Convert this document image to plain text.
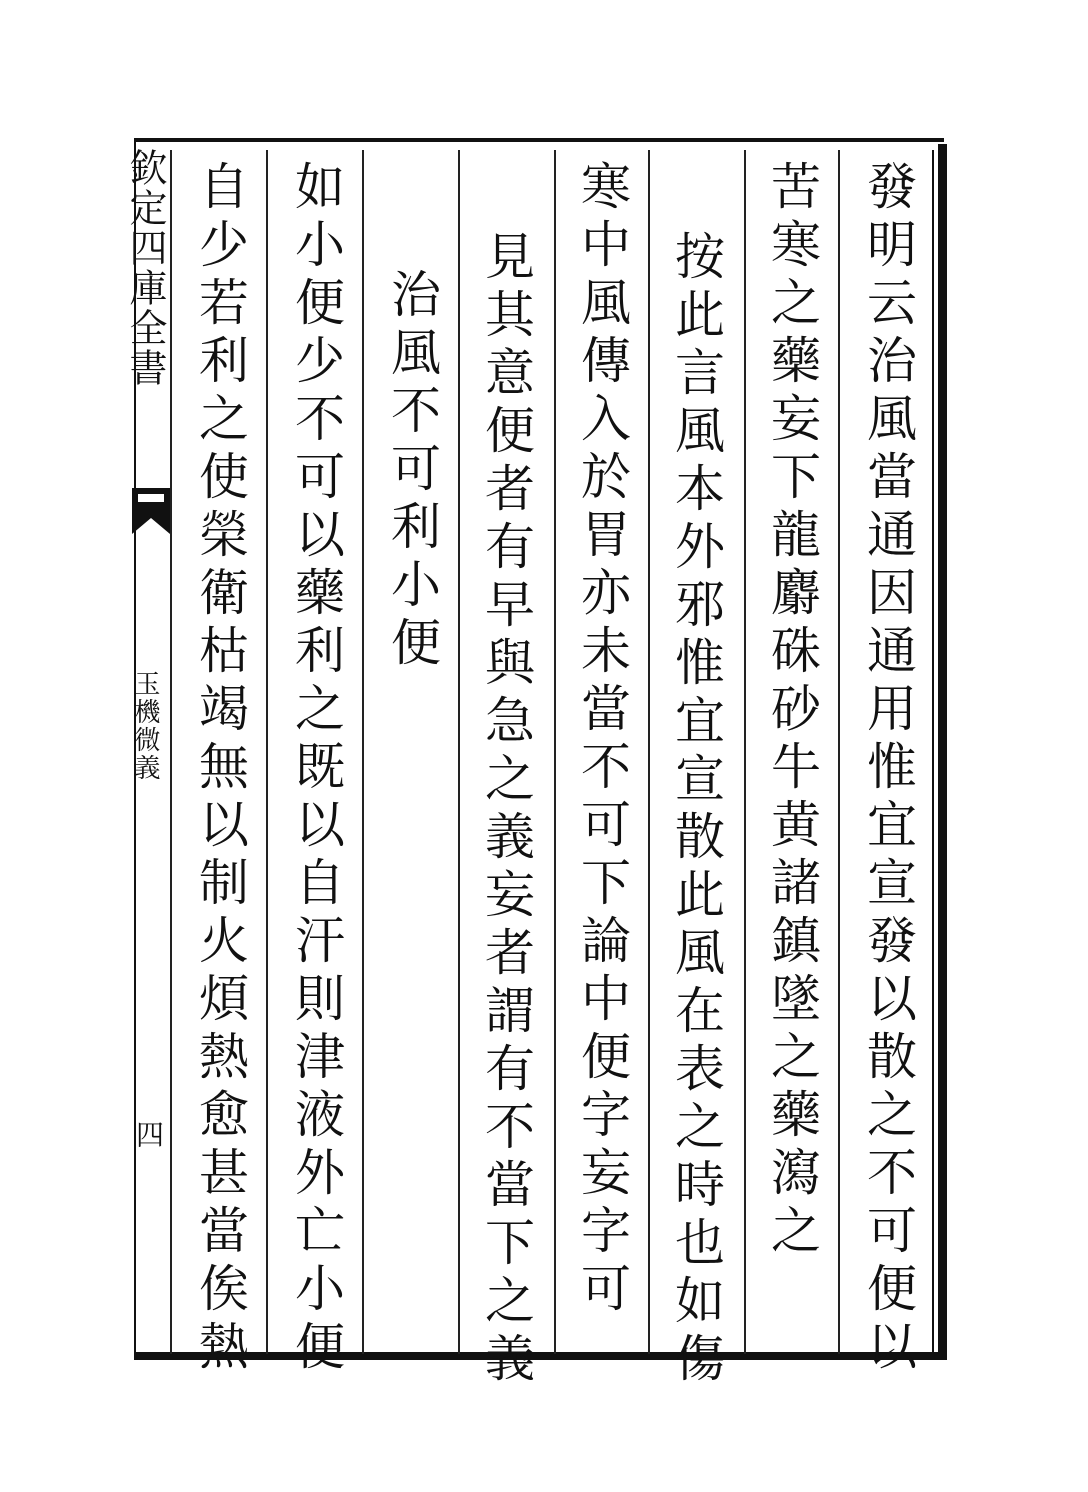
欽定四庫全書
玉機微義
四	發明云治風當通因通用惟宜宣發以散之不可便以
苦寒之藥妄下龍麝硃砂牛黄諸鎮墜之藥瀉之
按此言風本外邪惟宜宣散此風在表之時也如傷
寒中風傳入於胃亦未當不可下論中便字妄字可
見其意便者有早與急之義妄者謂有不當下之義
治風不可利小便
如小便少不可以藥利之既以自汗則津液外亡小便
自少若利之使榮衛枯竭無以制火煩熱愈甚當俟熱
